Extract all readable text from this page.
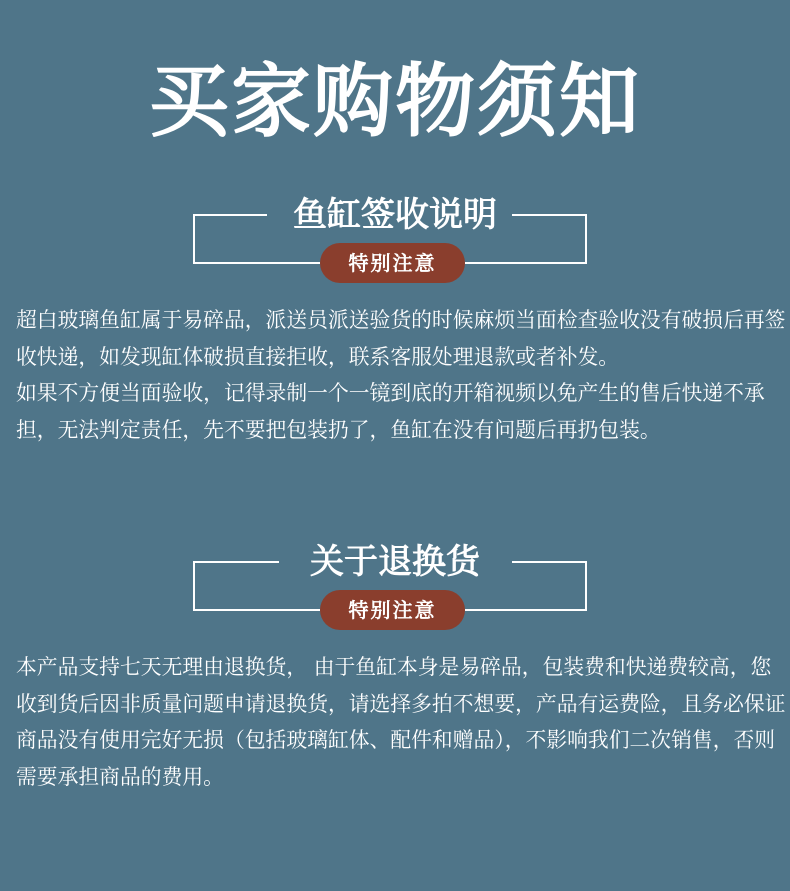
买家购物须知
鱼缸签收说明
特别注意

超白玻璃鱼缸属于易碎品，派送员派送验货的时候麻烦当面检查验收没有破损后再签收快递，如发现缸体破损直接拒收，联系客服处理退款或者补发。

如果不方便当面验收，记得录制一个一镜到底的开箱视频以免产生的售后快递不承担，无法判定责任，先不要把包装扔了，鱼缸在没有问题后再扔包装。

关于退换货
特别注意

本产品支持七天无理由退换货， 由于鱼缸本身是易碎品，包装费和快递费较高，您收到货后因非质量问题申请退换货，请选择多拍不想要，产品有运费险，且务必保证商品没有使用完好无损（包括玻璃缸体、配件和赠品），不影响我们二次销售，否则需要承担商品的费用。
